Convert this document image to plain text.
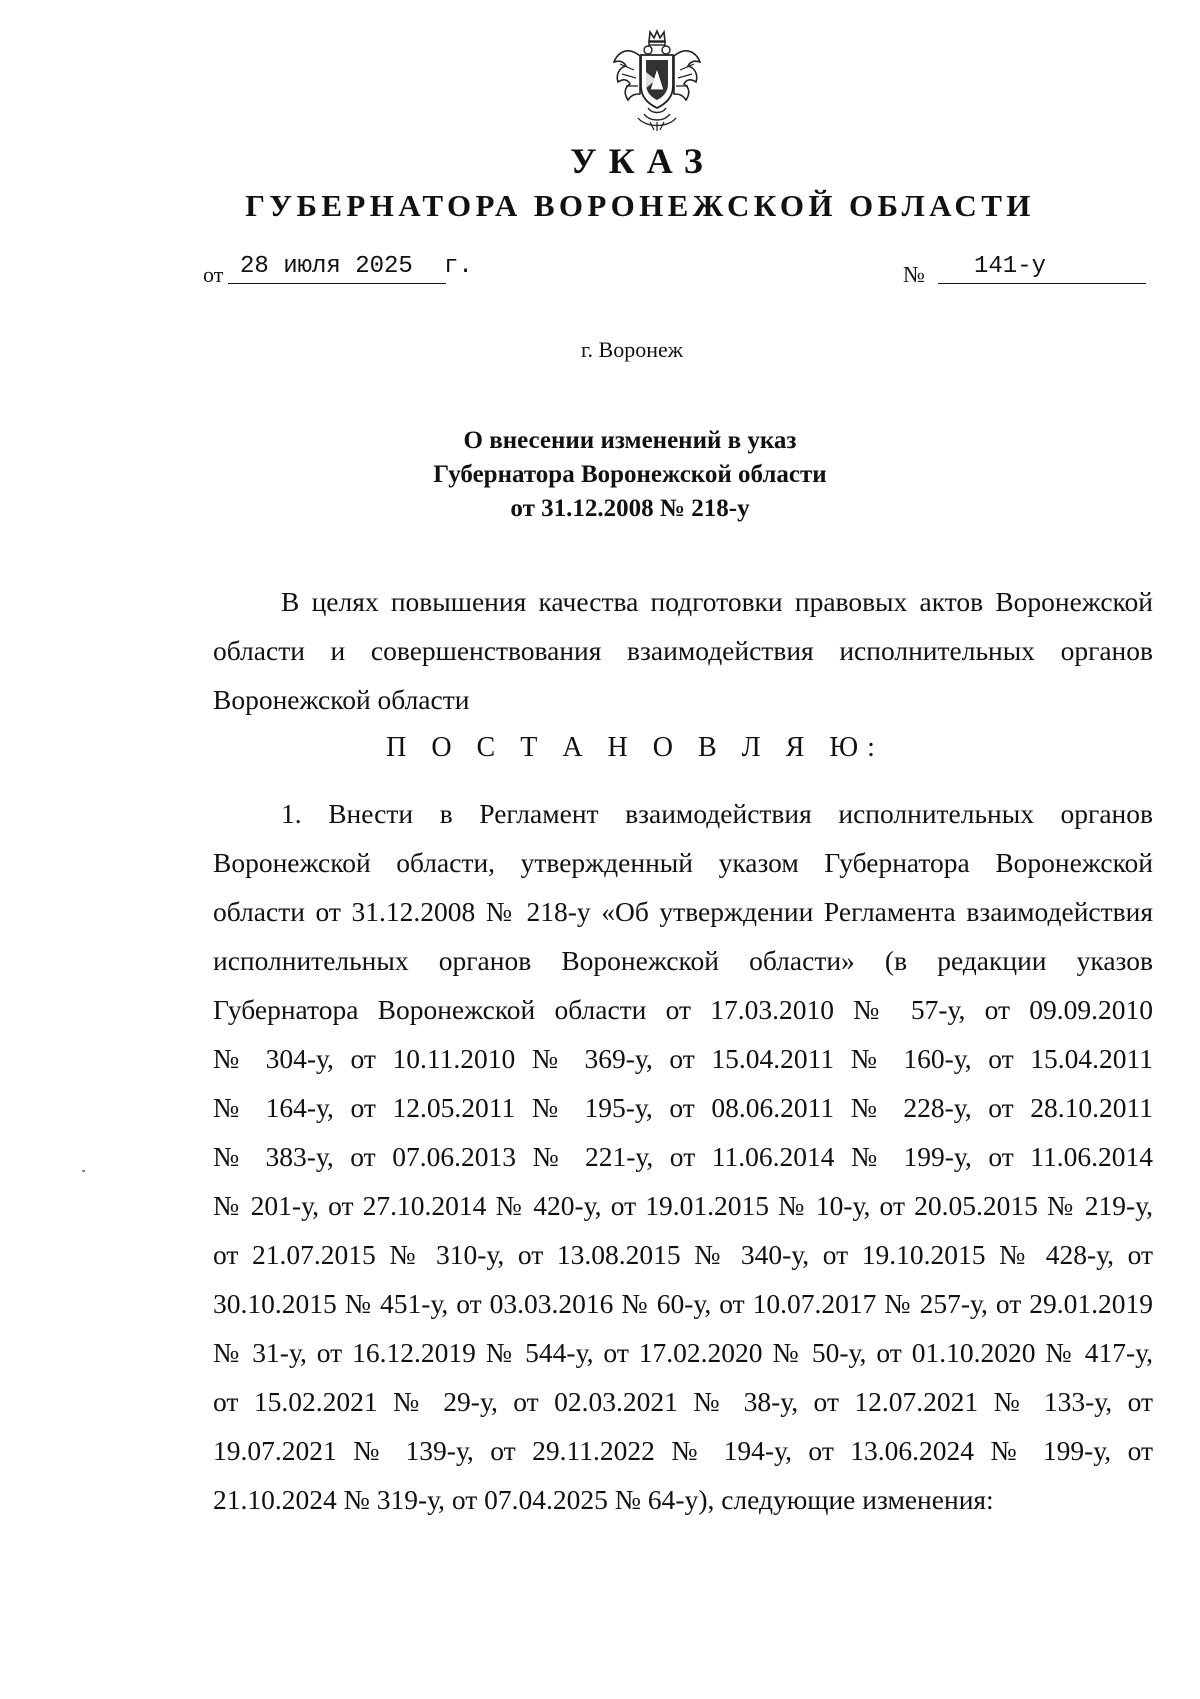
УКАЗ
ГУБЕРНАТОРА ВОРОНЕЖСКОЙ ОБЛАСТИ
от 28 июля 2025 г.	№ 141-у
г. Воронеж
О внесении изменений в указ
Губернатора Воронежской области
от 31.12.2008 № 218-у
В целях повышения качества подготовки правовых актов Воронежской
области и совершенствования взаимодействия исполнительных органов
Воронежской области
П О С Т А Н О В Л Я Ю:
1. Внести в Регламент взаимодействия исполнительных органов
Воронежской области, утвержденный указом Губернатора Воронежской
области от 31.12.2008 № 218-у «Об утверждении Регламента взаимодействия
исполнительных органов Воронежской области» (в редакции указов
Губернатора Воронежской области от 17.03.2010 № 57-у, от 09.09.2010
№ 304-у, от 10.11.2010 № 369-у, от 15.04.2011 № 160-у, от 15.04.2011
№ 164-у, от 12.05.2011 № 195-у, от 08.06.2011 № 228-у, от 28.10.2011
№ 383-у, от 07.06.2013 № 221-у, от 11.06.2014 № 199-у, от 11.06.2014
№ 201-у, от 27.10.2014 № 420-у, от 19.01.2015 № 10-у, от 20.05.2015 № 219-у,
от 21.07.2015 № 310-у, от 13.08.2015 № 340-у, от 19.10.2015 № 428-у, от
30.10.2015 № 451-у, от 03.03.2016 № 60-у, от 10.07.2017 № 257-у, от 29.01.2019
№ 31-у, от 16.12.2019 № 544-у, от 17.02.2020 № 50-у, от 01.10.2020 № 417-у,
от 15.02.2021 № 29-у, от 02.03.2021 № 38-у, от 12.07.2021 № 133-у, от
19.07.2021 № 139-у, от 29.11.2022 № 194-у, от 13.06.2024 № 199-у, от
21.10.2024 № 319-у, от 07.04.2025 № 64-у), следующие изменения:
